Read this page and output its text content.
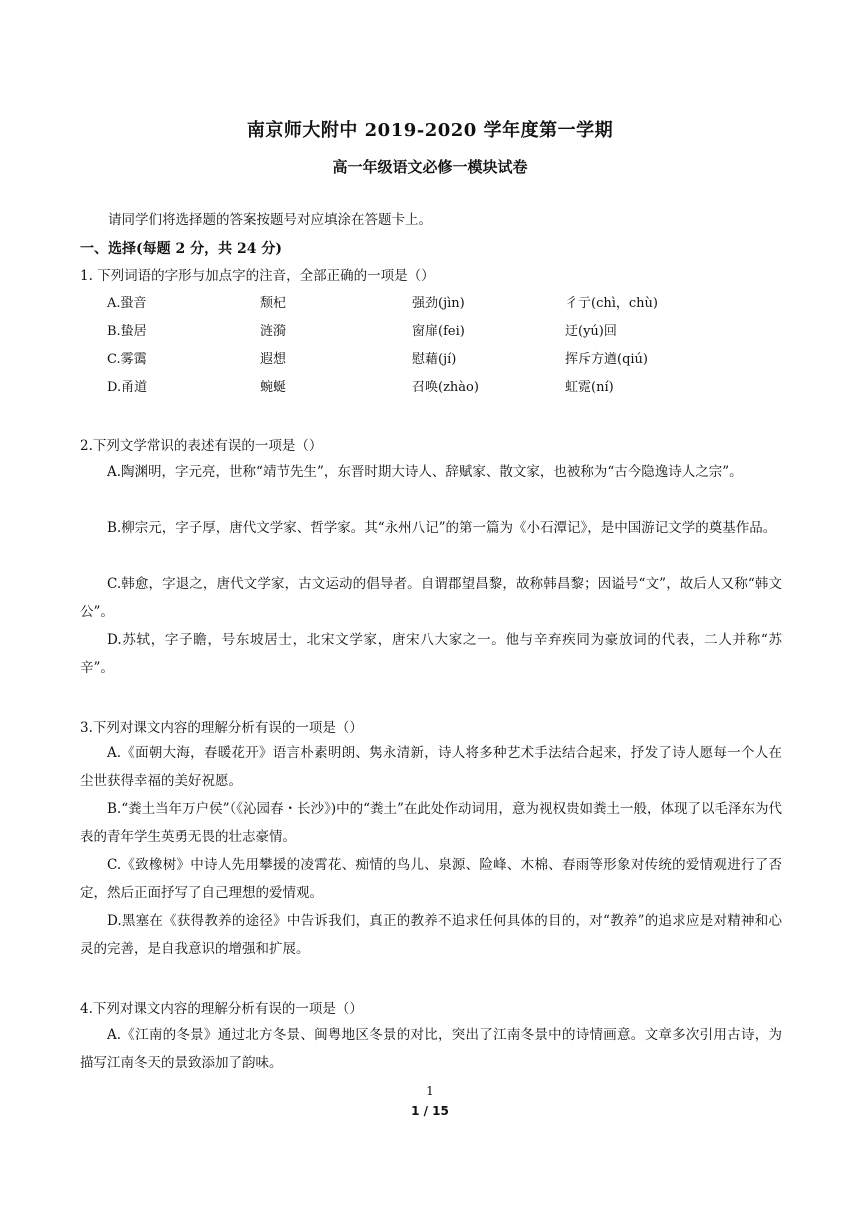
南京师大附中 2019-2020 学年度第一学期
高一年级语文必修一模块试卷
请同学们将选择题的答案按题号对应填涂在答题卡上。
一、选择(每题 2 分，共 24 分)
1. 下列词语的字形与加点字的注音，全部正确的一项是（）
A.蛩音	颓杞	强劲(jìn)	彳亍(chì，chù)
B.蛰居	涟漪	窗扉(fei)	迂(yú)回
C.雾霭	遐想	慰藉(jí)	挥斥方遒(qiú)
D.甬道	蜿蜒	召唤(zhào)	虹霓(ní)
2.下列文学常识的表述有误的一项是（）
A.陶渊明，字元亮，世称“靖节先生”，东晋时期大诗人、辞赋家、散文家，也被称为“古今隐逸诗人之宗”。
B.柳宗元，字子厚，唐代文学家、哲学家。其“永州八记”的第一篇为《小石潭记》，是中国游记文学的奠基作品。
C.韩愈，字退之，唐代文学家，古文运动的倡导者。自谓郡望昌黎，故称韩昌黎；因谥号“文”，故后人又称“韩文公”。
D.苏轼，字子瞻，号东坡居士，北宋文学家，唐宋八大家之一。他与辛弃疾同为豪放词的代表，二人并称“苏辛”。
3.下列对课文内容的理解分析有误的一项是（）
A.《面朝大海，春暖花开》语言朴素明朗、隽永清新，诗人将多种艺术手法结合起来，抒发了诗人愿每一个人在尘世获得幸福的美好祝愿。
B.“粪土当年万户侯”（《沁园春・长沙》)中的“粪土”在此处作动词用，意为视权贵如粪土一般，体现了以毛泽东为代表的青年学生英勇无畏的壮志豪情。
C.《致橡树》中诗人先用攀援的凌霄花、痴情的鸟儿、泉源、险峰、木棉、春雨等形象对传统的爱情观进行了否定，然后正面抒写了自己理想的爱情观。
D.黑塞在《获得教养的途径》中告诉我们，真正的教养不追求任何具体的目的，对“教养”的追求应是对精神和心灵的完善，是自我意识的增强和扩展。
4.下列对课文内容的理解分析有误的一项是（）
A.《江南的冬景》通过北方冬景、闽粤地区冬景的对比，突出了江南冬景中的诗情画意。文章多次引用古诗，为描写江南冬天的景致添加了韵味。
1
1 / 15
